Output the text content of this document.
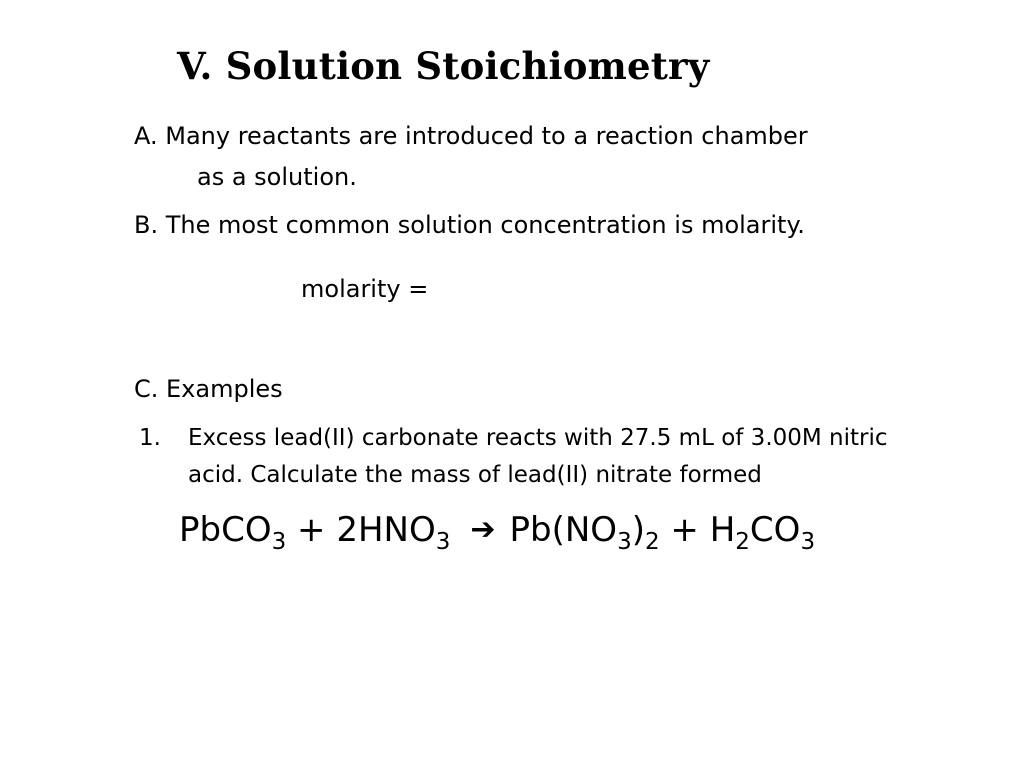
V. Solution Stoichiometry
A. Many reactants are introduced to a reaction chamber
as a solution.
B. The most common solution concentration is molarity.
molarity =
C. Examples
1. Excess lead(II) carbonate reacts with 27.5 mL of 3.00M nitric
acid. Calculate the mass of lead(II) nitrate formed
PbCO$_3$ + $2HNO_3$ ➔ $Pb(NO_3)_2 + H_2CO_3$
